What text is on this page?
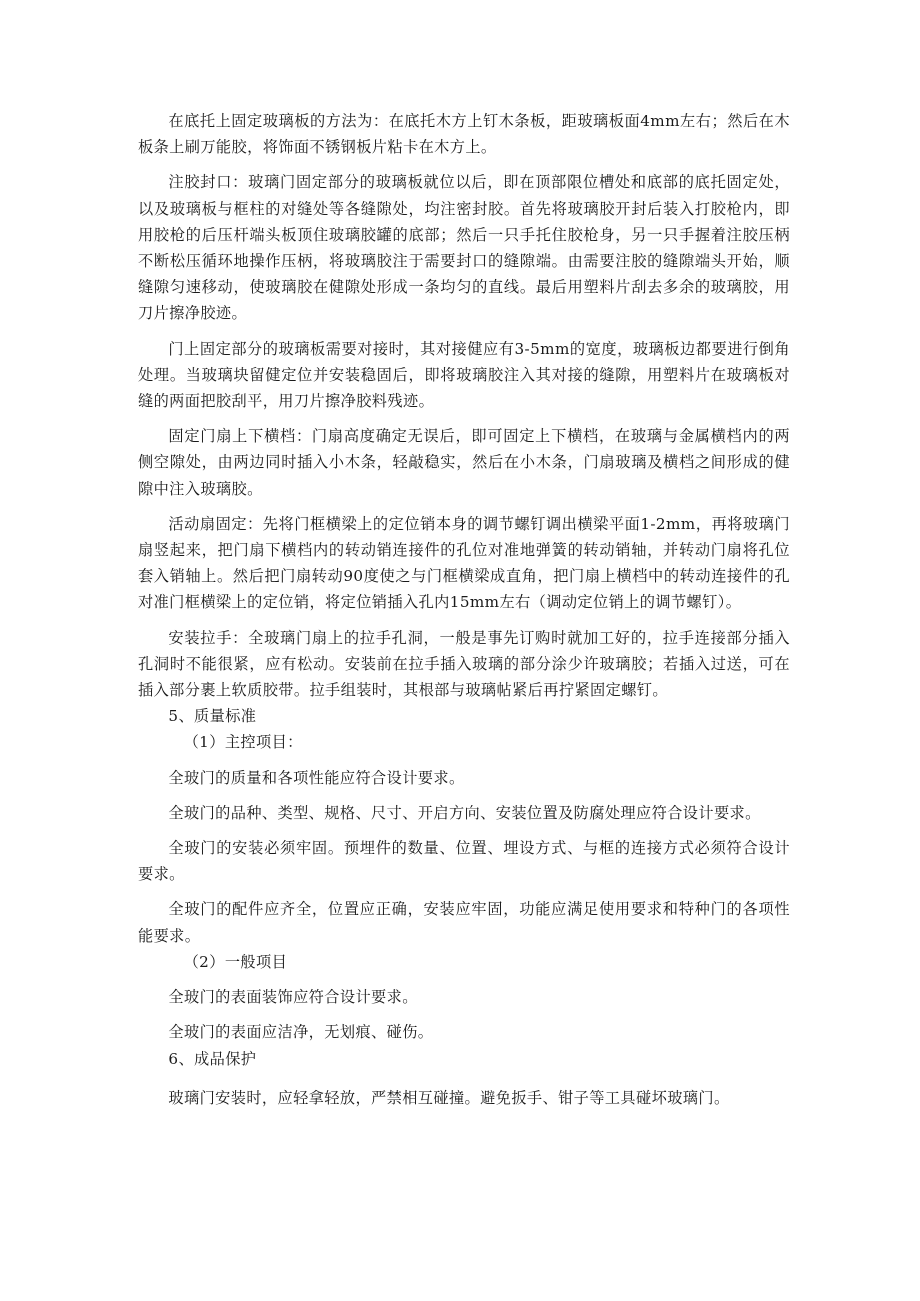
在底托上固定玻璃板的方法为：在底托木方上钉木条板，距玻璃板面4mm左右；然后在木板条上刷万能胶，将饰面不锈钢板片粘卡在木方上。

注胶封口：玻璃门固定部分的玻璃板就位以后，即在顶部限位槽处和底部的底托固定处，以及玻璃板与框柱的对缝处等各缝隙处，均注密封胶。首先将玻璃胶开封后装入打胶枪内，即用胶枪的后压杆端头板顶住玻璃胶罐的底部；然后一只手托住胶枪身，另一只手握着注胶压柄不断松压循环地操作压柄，将玻璃胶注于需要封口的缝隙端。由需要注胶的缝隙端头开始，顺缝隙匀速移动，使玻璃胶在健隙处形成一条均匀的直线。最后用塑料片刮去多余的玻璃胶，用刀片擦净胶迹。

门上固定部分的玻璃板需要对接时，其对接健应有3-5mm的宽度，玻璃板边都要进行倒角处理。当玻璃块留健定位并安装稳固后，即将玻璃胶注入其对接的缝隙，用塑料片在玻璃板对缝的两面把胶刮平，用刀片擦净胶料残迹。

固定门扇上下横档：门扇高度确定无误后，即可固定上下横档，在玻璃与金属横档内的两侧空隙处，由两边同时插入小木条，轻敲稳实，然后在小木条，门扇玻璃及横档之间形成的健隙中注入玻璃胶。

活动扇固定：先将门框横梁上的定位销本身的调节螺钉调出横梁平面1-2mm，再将玻璃门扇竖起来，把门扇下横档内的转动销连接件的孔位对准地弹簧的转动销轴，并转动门扇将孔位套入销轴上。然后把门扇转动90度使之与门框横梁成直角，把门扇上横档中的转动连接件的孔对准门框横梁上的定位销，将定位销插入孔内15mm左右（调动定位销上的调节螺钉）。

安装拉手：全玻璃门扇上的拉手孔洞，一般是事先订购时就加工好的，拉手连接部分插入孔洞时不能很紧，应有松动。安装前在拉手插入玻璃的部分涂少许玻璃胶；若插入过送，可在插入部分裹上软质胶带。拉手组装时，其根部与玻璃帖紧后再拧紧固定螺钉。

5、质量标准

（1）主控项目：

全玻门的质量和各项性能应符合设计要求。

全玻门的品种、类型、规格、尺寸、开启方向、安装位置及防腐处理应符合设计要求。

全玻门的安装必须牢固。预埋件的数量、位置、埋设方式、与框的连接方式必须符合设计要求。

全玻门的配件应齐全，位置应正确，安装应牢固，功能应满足使用要求和特种门的各项性能要求。

（2）一般项目

全玻门的表面装饰应符合设计要求。

全玻门的表面应洁净，无划痕、碰伤。

6、成品保护

玻璃门安装时，应轻拿轻放，严禁相互碰撞。避免扳手、钳子等工具碰坏玻璃门。
